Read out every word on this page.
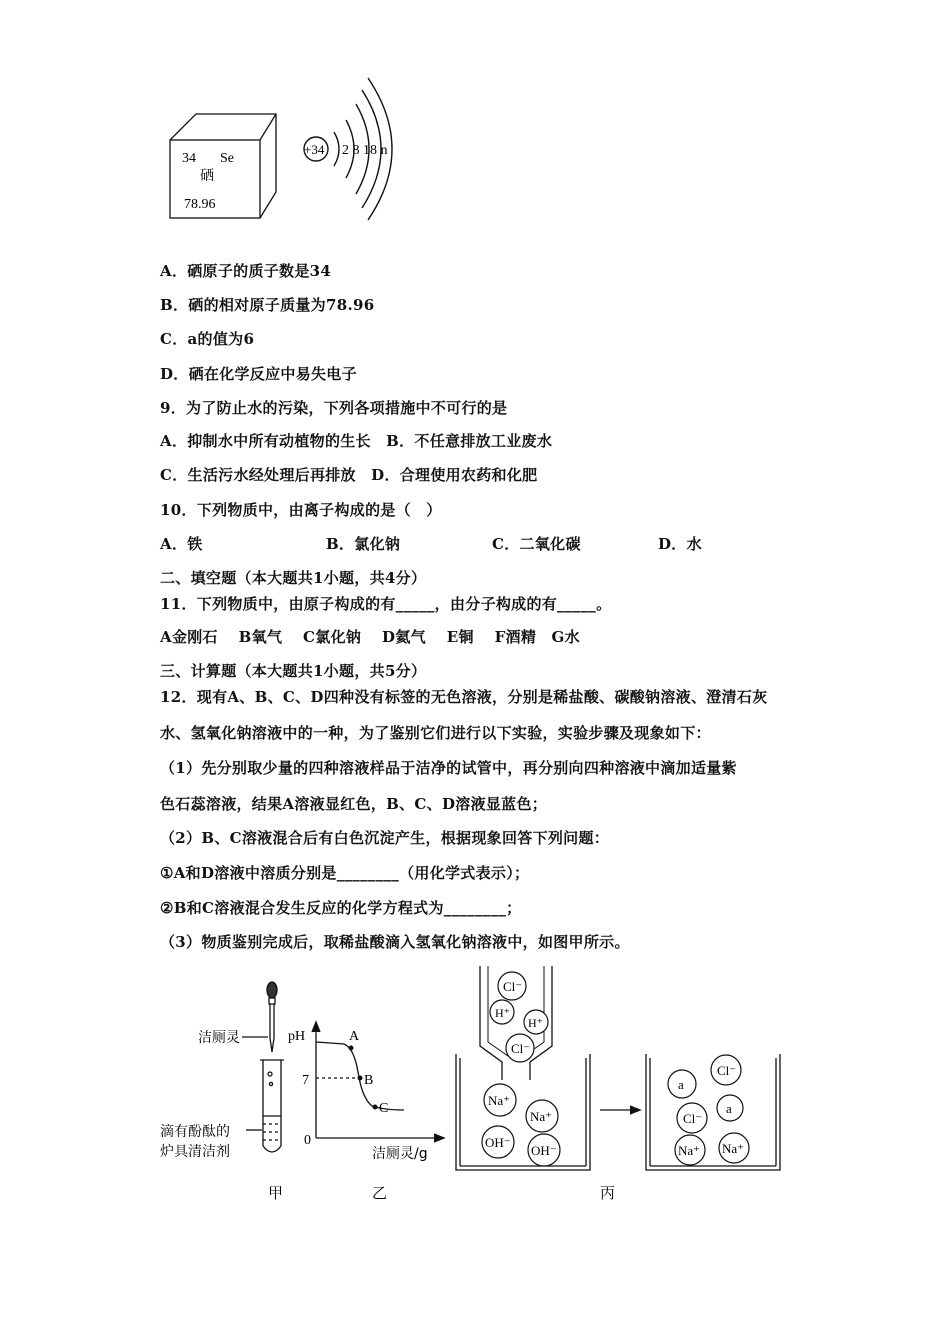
34 Se
硒
78.96
+34 2 8 18 n
A．硒原子的质子数是34
B．硒的相对原子质量为78.96
C．a的值为6
D．硒在化学反应中易失电子
9．为了防止水的污染，下列各项措施中不可行的是
A．抑制水中所有动植物的生长　B．不任意排放工业废水
C．生活污水经处理后再排放　D．合理使用农药和化肥
10．下列物质中，由离子构成的是（　）
A．铁	B．氯化钠	C．二氧化碳	D．水
二、填空题（本大题共1小题，共4分）
11．下列物质中，由原子构成的有_____，由分子构成的有_____。
A金刚石　 B氧气　 C氯化钠　 D氦气　 E铜　 F酒精　G水
三、计算题（本大题共1小题，共5分）
12．现有A、B、C、D四种没有标签的无色溶液，分别是稀盐酸、碳酸钠溶液、澄清石灰
水、氢氧化钠溶液中的一种，为了鉴别它们进行以下实验，实验步骤及现象如下：
（1）先分别取少量的四种溶液样品于洁净的试管中，再分别向四种溶液中滴加适量紫
色石蕊溶液，结果A溶液显红色，B、C、D溶液显蓝色；
（2）B、C溶液混合后有白色沉淀产生，根据现象回答下列问题：
①A和D溶液中溶质分别是________（用化学式表示）；
②B和C溶液混合发生反应的化学方程式为________；
（3）物质鉴别完成后，取稀盐酸滴入氢氧化钠溶液中，如图甲所示。
洁厕灵
滴有酚酞的
炉具清洁剂
甲
pH
7
0
A
B
C
洁厕灵/g
乙
Cl⁻
H⁺
H⁺
Cl⁻
Na⁺
Na⁺
OH⁻
OH⁻
a
Cl⁻
Cl⁻
a
Na⁺ Na⁺
丙
